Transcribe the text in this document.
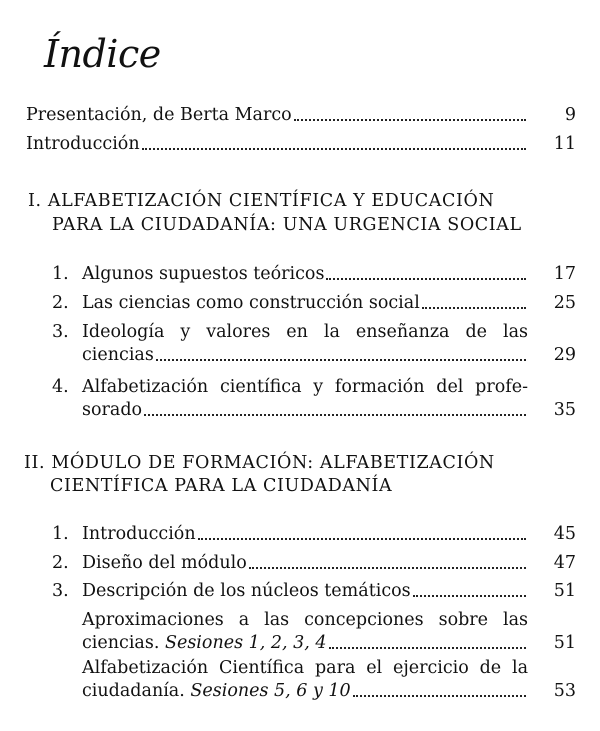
Índice
Presentación, de Berta Marco	9
Introducción	11
I. ALFABETIZACIÓN CIENTÍFICA Y EDUCACIÓN
PARA LA CIUDADANÍA: UNA URGENCIA SOCIAL
1. Algunos supuestos teóricos	17
2. Las ciencias como construcción social	25
3. Ideología y valores en la enseñanza de las
ciencias	29
4. Alfabetización científica y formación del profe-
sorado	35
II. MÓDULO DE FORMACIÓN: ALFABETIZACIÓN
CIENTÍFICA PARA LA CIUDADANÍA
1. Introducción	45
2. Diseño del módulo	47
3. Descripción de los núcleos temáticos	51
Aproximaciones a las concepciones sobre las
ciencias. Sesiones 1, 2, 3, 4	51
Alfabetización Científica para el ejercicio de la
ciudadanía. Sesiones 5, 6 y 10	53
